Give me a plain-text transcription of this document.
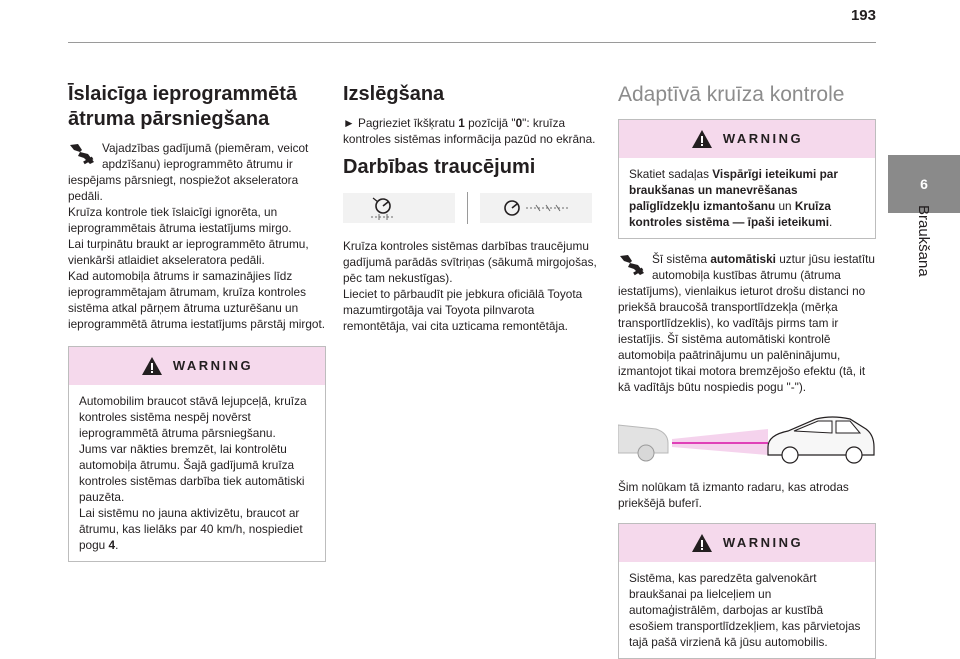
193
6
Braukšana
Īslaicīga ieprogrammētā ātruma pārsniegšana

Vajadzības gadījumā (piemēram, veicot apdzīšanu) ieprogrammēto ātrumu ir iespējams pārsniegt, nospiežot akseleratora pedāli.

Kruīza kontrole tiek īslaicīgi ignorēta, un ieprogrammētais ātruma iestatījums mirgo.

Lai turpinātu braukt ar ieprogrammēto ātrumu, vienkārši atlaidiet akseleratora pedāli.

Kad automobiļa ātrums ir samazinājies līdz ieprogrammētajam ātrumam, kruīza kontroles sistēma atkal pārņem ātruma uzturēšanu un ieprogrammētā ātruma iestatījums pārstāj mirgot.

WARNING

Automobilim braucot stāvā lejupceļā, kruīza kontroles sistēma nespēj novērst ieprogrammētā ātruma pārsniegšanu.

Jums var nākties bremzēt, lai kontrolētu automobiļa ātrumu. Šajā gadījumā kruīza kontroles sistēmas darbība tiek automātiski pauzēta.

Lai sistēmu no jauna aktivizētu, braucot ar ātrumu, kas lielāks par 40 km/h, nospiediet pogu 4.

Izslēgšana

► Pagrieziet īkšķratu 1 pozīcijā "0": kruīza kontroles sistēmas informācija pazūd no ekrāna.

Darbības traucējumi

Kruīza kontroles sistēmas darbības traucējumu gadījumā parādās svītriņas (sākumā mirgojošas, pēc tam nekustīgas).

Lieciet to pārbaudīt pie jebkura oficiālā Toyota mazumtirgotāja vai Toyota pilnvarota remontētāja, vai cita uzticama remontētāja.

Adaptīvā kruīza kontrole
WARNING

Skatiet sadaļas Vispārīgi ieteikumi par braukšanas un manevrēšanas palīglīdzekļu izmantošanu un Kruīza kontroles sistēma — īpaši ieteikumi.

Šī sistēma automātiski uztur jūsu iestatītu automobiļa kustības ātrumu (ātruma iestatījums), vienlaikus ieturot drošu distanci no priekšā braucošā transportlīdzekļa (mērķa transportlīdzeklis), ko vadītājs pirms tam ir iestatījis. Šī sistēma automātiski kontrolē automobiļa paātrinājumu un palēninājumu, izmantojot tikai motora bremzējošo efektu (tā, it kā vadītājs būtu nospiedis pogu "-").

Šim nolūkam tā izmanto radaru, kas atrodas priekšējā buferī.

WARNING

Sistēma, kas paredzēta galvenokārt braukšanai pa lielceļiem un automaģistrālēm, darbojas ar kustībā esošiem transportlīdzekļiem, kas pārvietojas tajā pašā virzienā kā jūsu automobilis.
